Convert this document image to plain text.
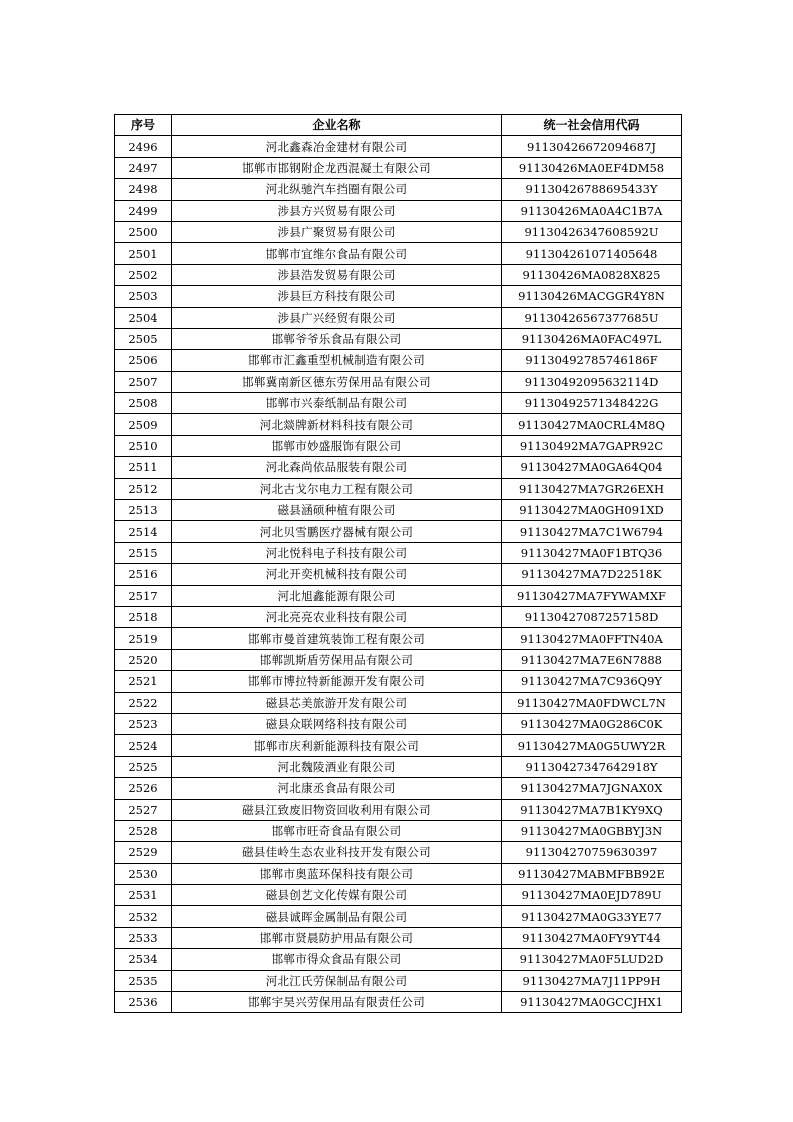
序号	企业名称	统一社会信用代码
2496	河北鑫森冶金建材有限公司	91130426672094687J
2497	邯郸市邯钢附企龙西混凝土有限公司	91130426MA0EF4DM58
2498	河北纵驰汽车挡圈有限公司	91130426788695433Y
2499	涉县方兴贸易有限公司	91130426MA0A4C1B7A
2500	涉县广聚贸易有限公司	91130426347608592U
2501	邯郸市宜维尔食品有限公司	911304261071405648
2502	涉县浩发贸易有限公司	91130426MA0828X825
2503	涉县巨方科技有限公司	91130426MACGGR4Y8N
2504	涉县广兴经贸有限公司	91130426567377685U
2505	邯郸爷爷乐食品有限公司	91130426MA0FAC497L
2506	邯郸市汇鑫重型机械制造有限公司	91130492785746186F
2507	邯郸冀南新区德东劳保用品有限公司	91130492095632114D
2508	邯郸市兴泰纸制品有限公司	91130492571348422G
2509	河北燚牌新材料科技有限公司	91130427MA0CRL4M8Q
2510	邯郸市妙盛服饰有限公司	91130492MA7GAPR92C
2511	河北森尚依品服装有限公司	91130427MA0GA64Q04
2512	河北古戈尔电力工程有限公司	91130427MA7GR26EXH
2513	磁县涵硕种植有限公司	91130427MA0GH091XD
2514	河北贝雪鹏医疗器械有限公司	91130427MA7C1W6794
2515	河北悦科电子科技有限公司	91130427MA0F1BTQ36
2516	河北开奕机械科技有限公司	91130427MA7D22518K
2517	河北旭鑫能源有限公司	91130427MA7FYWAMXF
2518	河北亮亮农业科技有限公司	91130427087257158D
2519	邯郸市曼首建筑装饰工程有限公司	91130427MA0FFTN40A
2520	邯郸凯斯盾劳保用品有限公司	91130427MA7E6N7888
2521	邯郸市博拉特新能源开发有限公司	91130427MA7C936Q9Y
2522	磁县芯美旅游开发有限公司	91130427MA0FDWCL7N
2523	磁县众联网络科技有限公司	91130427MA0G286C0K
2524	邯郸市庆利新能源科技有限公司	91130427MA0G5UWY2R
2525	河北魏陵酒业有限公司	91130427347642918Y
2526	河北康丞食品有限公司	91130427MA7JGNAX0X
2527	磁县江致废旧物资回收利用有限公司	91130427MA7B1KY9XQ
2528	邯郸市旺奇食品有限公司	91130427MA0GBBYJ3N
2529	磁县佳岭生态农业科技开发有限公司	911304270759630397
2530	邯郸市奥蓝环保科技有限公司	91130427MABMFBB92E
2531	磁县创艺文化传媒有限公司	91130427MA0EJD789U
2532	磁县诚晖金属制品有限公司	91130427MA0G33YE77
2533	邯郸市贤晨防护用品有限公司	91130427MA0FY9YT44
2534	邯郸市得众食品有限公司	91130427MA0F5LUD2D
2535	河北江氏劳保制品有限公司	91130427MA7J11PP9H
2536	邯郸宇昊兴劳保用品有限责任公司	91130427MA0GCCJHX1
